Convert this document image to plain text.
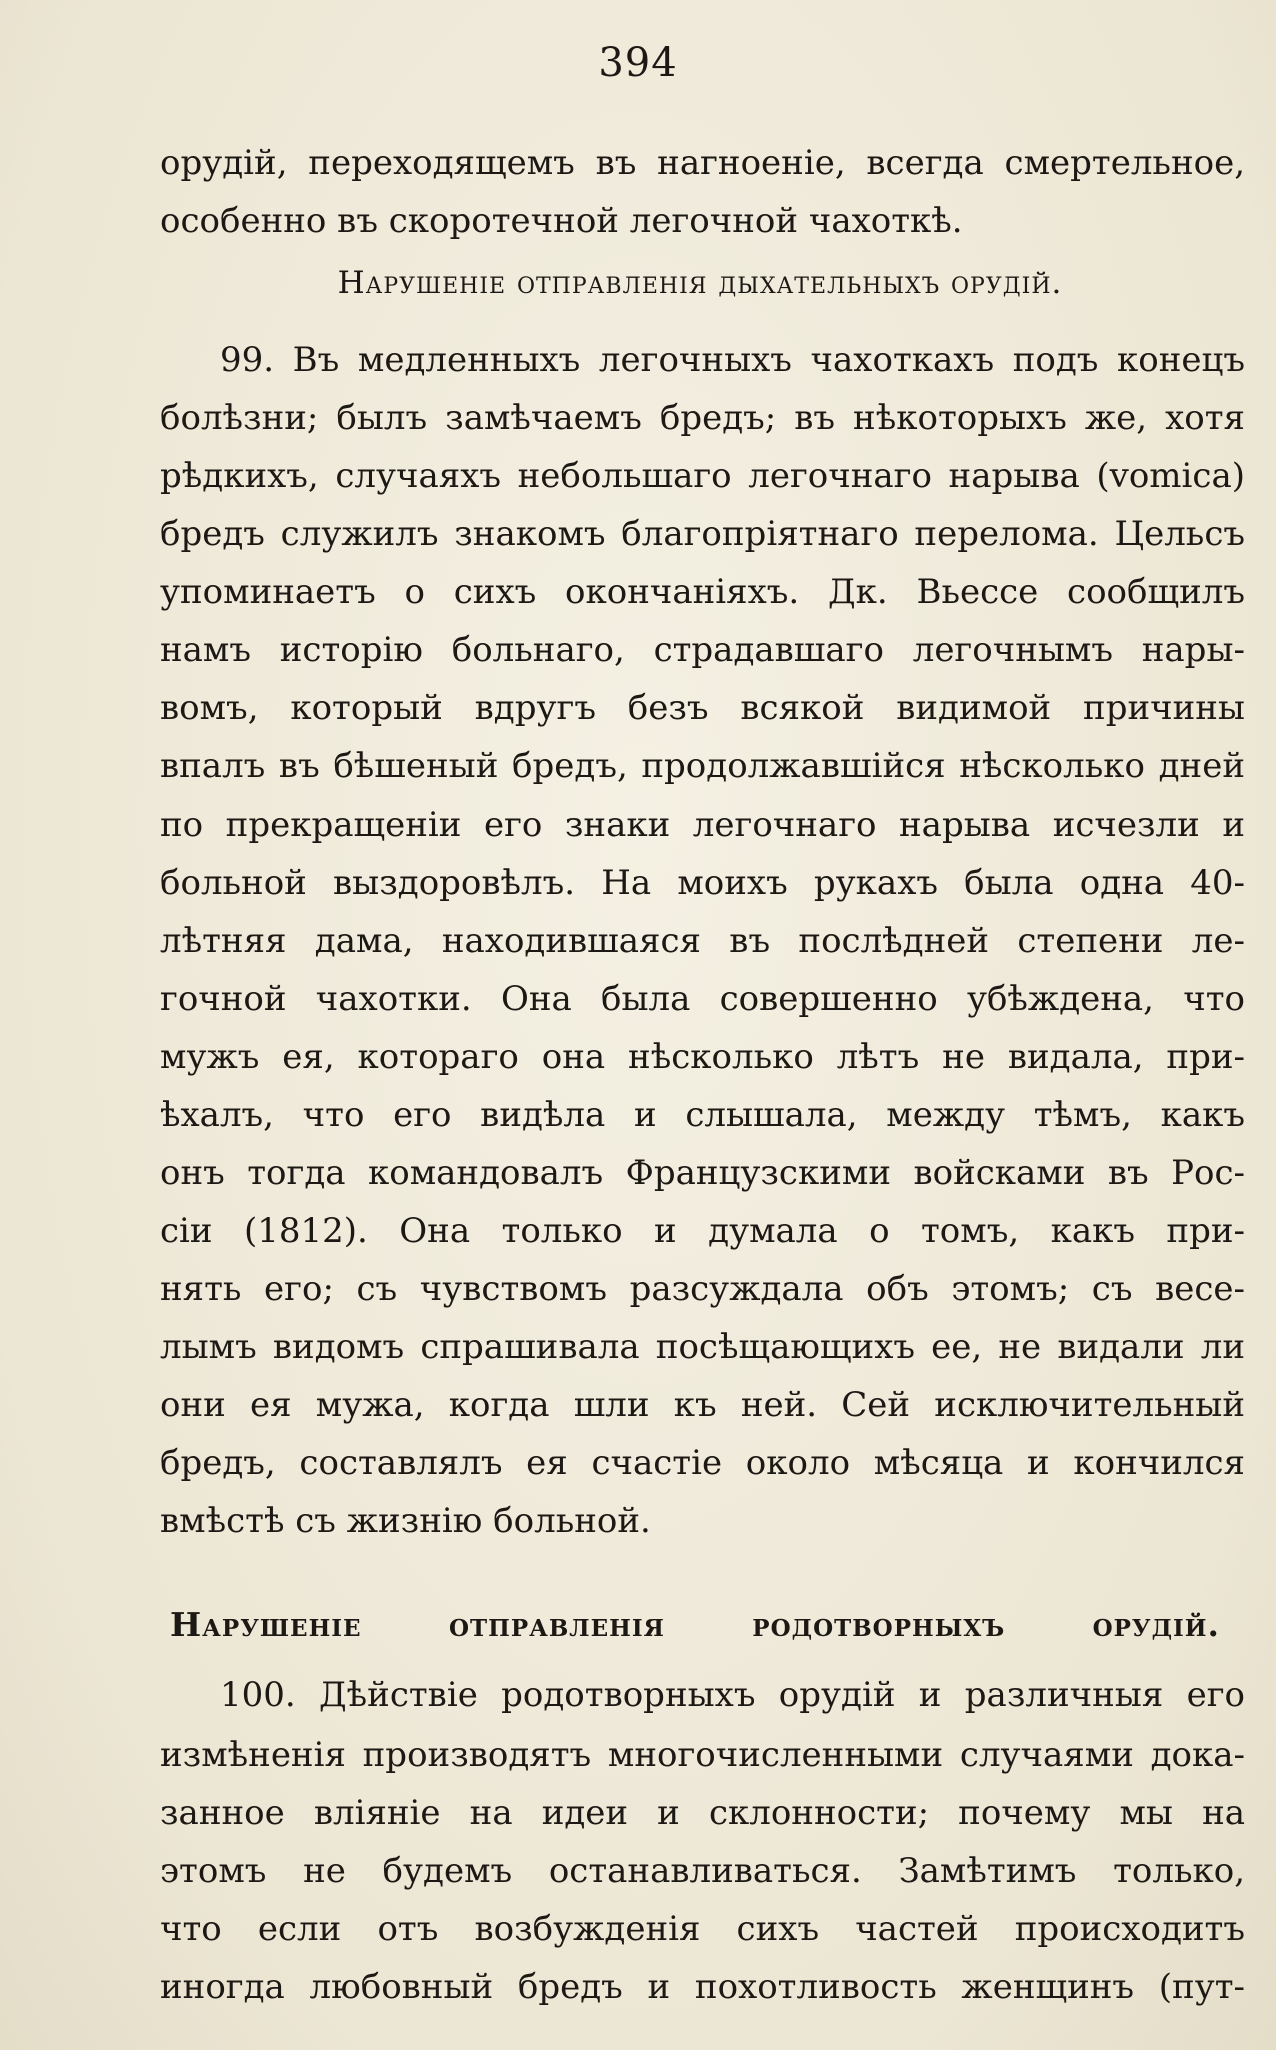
394
орудій, переходящемъ въ нагноеніе, всегда смертельное,
особенно въ скоротечной легочной чахоткѣ.
Нарушеніе отправленія дыхательныхъ орудій.
99. Въ медленныхъ легочныхъ чахоткахъ подъ конецъ
болѣзни; былъ замѣчаемъ бредъ; въ нѣкоторыхъ же, хотя
рѣдкихъ, случаяхъ небольшаго легочнаго нарыва (vomica)
бредъ служилъ знакомъ благопріятнаго перелома. Цельсъ
упоминаетъ о сихъ окончаніяхъ. Дк. Вьессе сообщилъ
намъ исторію больнаго, страдавшаго легочнымъ нары-
вомъ, который вдругъ безъ всякой видимой причины
впалъ въ бѣшеный бредъ, продолжавшійся нѣсколько дней
по прекращеніи его знаки легочнаго нарыва исчезли и
больной выздоровѣлъ. На моихъ рукахъ была одна 40-
лѣтняя дама, находившаяся въ послѣдней степени ле-
гочной чахотки. Она была совершенно убѣждена, что
мужъ ея, котораго она нѣсколько лѣтъ не видала, при-
ѣхалъ, что его видѣла и слышала, между тѣмъ, какъ
онъ тогда командовалъ Французскими войсками въ Рос-
сіи (1812). Она только и думала о томъ, какъ при-
нять его; съ чувствомъ разсуждала объ этомъ; съ весе-
лымъ видомъ спрашивала посѣщающихъ ее, не видали ли
они ея мужа, когда шли къ ней. Сей исключительный
бредъ, составлялъ ея счастіе около мѣсяца и кончился
вмѣстѣ съ жизнію больной.
Нарушеніе отправленія родотворныхъ орудій.
100. Дѣйствіе родотворныхъ орудій и различныя его
измѣненія производятъ многочисленными случаями дока-
занное вліяніе на идеи и склонности; почему мы на
этомъ не будемъ останавливаться. Замѣтимъ только,
что если отъ возбужденія сихъ частей происходитъ
иногда любовный бредъ и похотливость женщинъ (пут-
